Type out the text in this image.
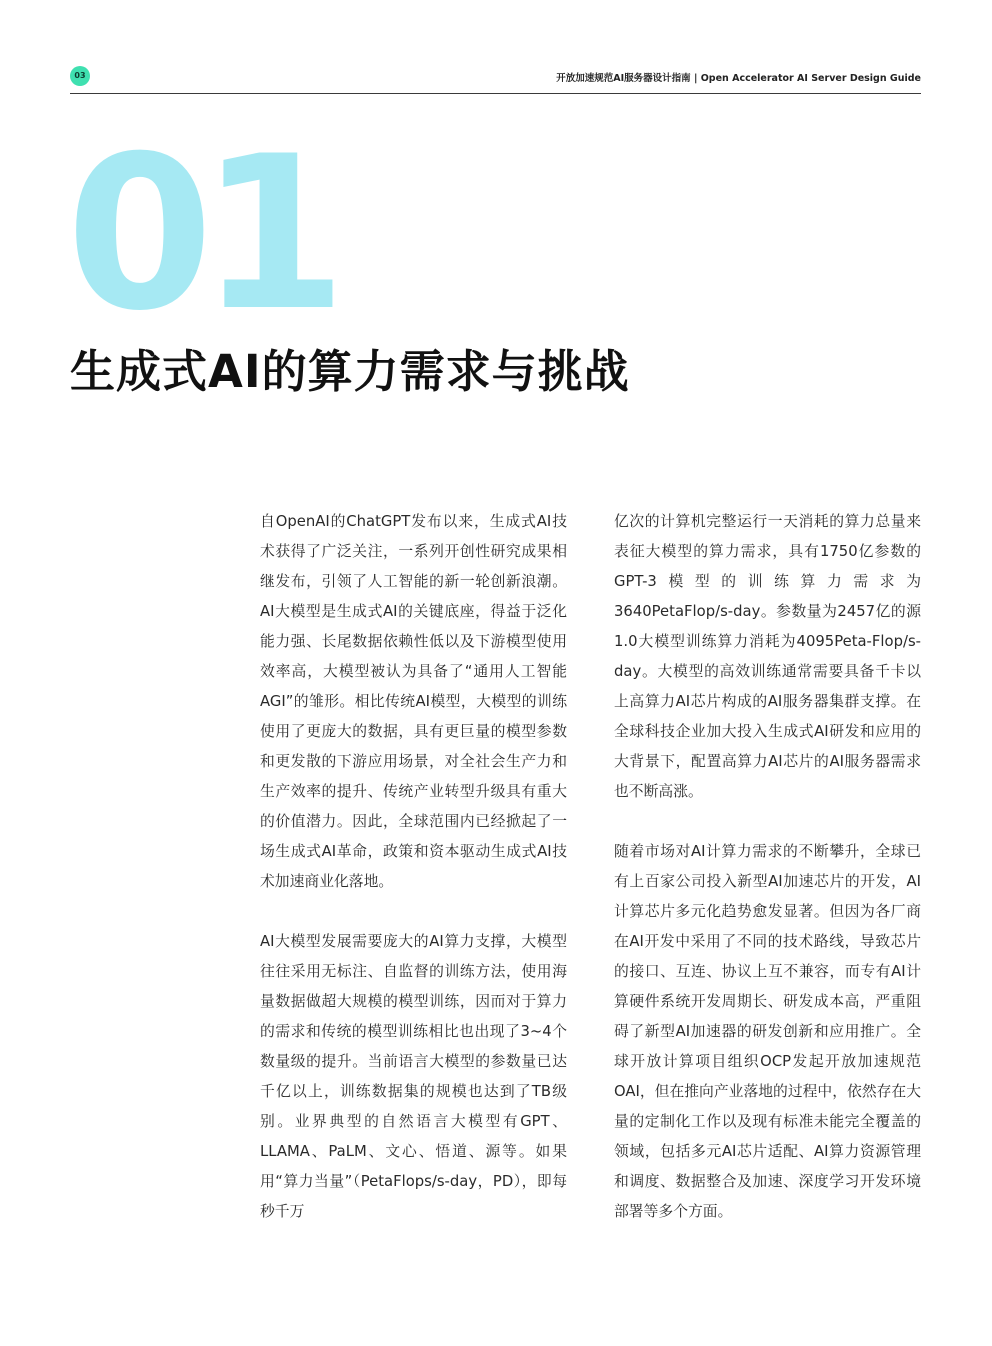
03	开放加速规范AI服务器设计指南 | Open Accelerator AI Server Design Guide
01
生成式AI的算力需求与挑战

自OpenAI的ChatGPT发布以来，生成式AI技术获得了广泛关注，一系列开创性研究成果相继发布，引领了人工智能的新一轮创新浪潮。AI大模型是生成式AI的关键底座，得益于泛化能力强、长尾数据依赖性低以及下游模型使用效率高，大模型被认为具备了“通用人工智能AGI”的雏形。相比传统AI模型，大模型的训练使用了更庞大的数据，具有更巨量的模型参数和更发散的下游应用场景，对全社会生产力和生产效率的提升、传统产业转型升级具有重大的价值潜力。因此，全球范围内已经掀起了一场生成式AI革命，政策和资本驱动生成式AI技术加速商业化落地。

AI大模型发展需要庞大的AI算力支撑，大模型往往采用无标注、自监督的训练方法，使用海量数据做超大规模的模型训练，因而对于算力的需求和传统的模型训练相比也出现了3~4个数量级的提升。当前语言大模型的参数量已达千亿以上，训练数据集的规模也达到了TB级别。业界典型的自然语言大模型有GPT、LLAMA、PaLM、文心、悟道、源等。如果用“算力当量”（PetaFlops/s-day，PD），即每秒千万

亿次的计算机完整运行一天消耗的算力总量来表征大模型的算力需求，具有1750亿参数的GPT-3模型的训练算力需求为3640PetaFlop/s-day。参数量为2457亿的源1.0大模型训练算力消耗为4095Peta-Flop/s-day。大模型的高效训练通常需要具备千卡以上高算力AI芯片构成的AI服务器集群支撑。在全球科技企业加大投入生成式AI研发和应用的大背景下，配置高算力AI芯片的AI服务器需求也不断高涨。

随着市场对AI计算力需求的不断攀升，全球已有上百家公司投入新型AI加速芯片的开发，AI计算芯片多元化趋势愈发显著。但因为各厂商在AI开发中采用了不同的技术路线，导致芯片的接口、互连、协议上互不兼容，而专有AI计算硬件系统开发周期长、研发成本高，严重阻碍了新型AI加速器的研发创新和应用推广。全球开放计算项目组织OCP发起开放加速规范OAI，但在推向产业落地的过程中，依然存在大量的定制化工作以及现有标准未能完全覆盖的领域，包括多元AI芯片适配、AI算力资源管理和调度、数据整合及加速、深度学习开发环境部署等多个方面。
